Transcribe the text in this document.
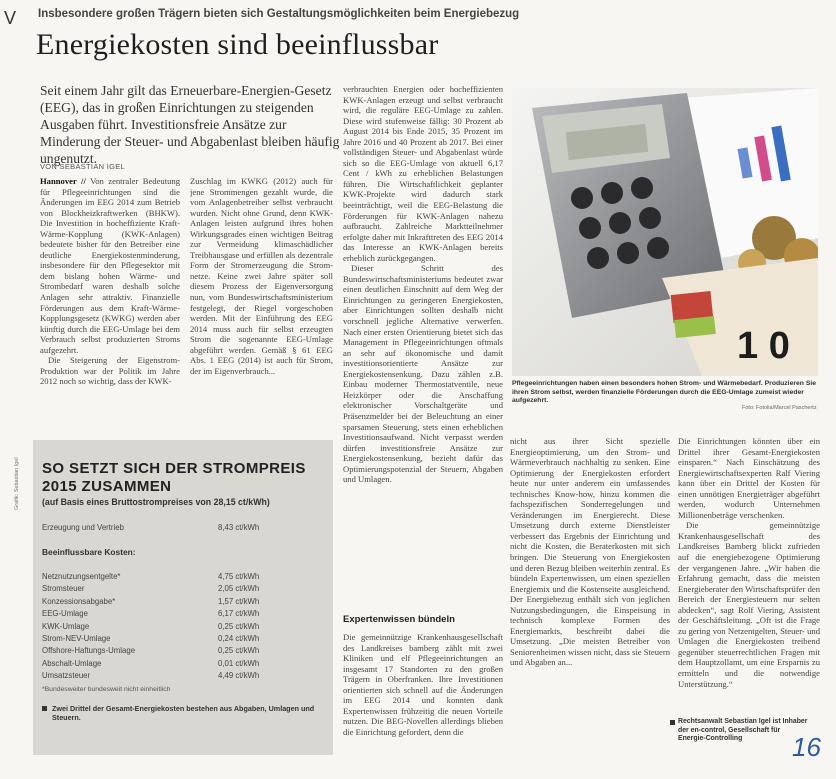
V Insbesondere großen Trägern bieten sich Gestaltungsmöglichkeiten beim Energiebezug
Energiekosten sind beeinflussbar
Seit einem Jahr gilt das Erneuerbare-Energien-Gesetz (EEG), das in großen Einrichtungen zu steigenden Ausgaben führt. Investitionsfreie Ansätze zur Minderung der Steuer- und Abgabenlast bleiben häufig ungenutzt.
VON SEBASTIAN IGEL

Hannover // Von zentraler Bedeutung für Pflegeeinrichtungen sind die Änderungen im EEG 2014 zum Betrieb von Blockheizkraftwerken (BHKW). Die Investition in hocheffiziente Kraft-Wärme-Kopplung (KWK-Anlagen) bedeutete bisher für den Betreiber eine deutliche Energiekostenminderung, insbesondere für den Pflegesektor mit dem bislang hohen Wärme- und Strombedarf waren deshalb solche Anlagen sehr attraktiv. Finanzielle Förderungen aus dem Kraft-Wärme-Kopplungsgesetz (KWKG) werden aber künftig durch die EEG-Umlage bei dem Verbrauch selbst produzierten Stroms aufgezehrt.

Die Steigerung der Eigenstrom-Produktion war der Politik im Jahre 2012 noch so wichtig, dass der KWK-

Zuschlag im KWKG (2012) auch für jene Strommengen gezahlt wurde, die vom Anlagenbetreiber selbst verbraucht wurden. Nicht ohne Grund, denn KWK-Anlagen leisten aufgrund ihres hohen Wirkungsgrades einen wichtigen Beitrag zur Vermeidung klimaschädlicher Treibhausgase und erfüllen als dezentrale Form der Stromerzeugung die Stromnetze. Keine zwei Jahre später soll diesem Prozess der Eigenversorgung nun, vom Bundeswirtschaftsministerium festgelegt, der Riegel vorgeschoben werden. Mit der Einführung des EEG 2014 muss auch für selbst erzeugten Strom die sogenannte EEG-Umlage abgeführt werden. Gemäß § 61 EEG Abs. 1 EEG (2014) ist auch für Strom, der im Eigenverbrauch...

verbrauchten Energien oder hocheffizienten KWK-Anlagen erzeugt und selbst verbraucht wird, die reguläre EEG-Umlage zu zahlen. Diese wird stufenweise fällig: 30 Prozent ab August 2014 bis Ende 2015, 35 Prozent im Jahre 2016 und 40 Prozent ab 2017. Bei einer vollständigen Steuer- und Abgabenlast würde sich so die EEG-Umlage von aktuell 6,17 Cent / kWh zu erheblichen Belastungen führen. Die Wirtschaftlichkeit geplanter KWK-Projekte wird dadurch stark beeinträchtigt, weil die EEG-Belastung die Förderungen für KWK-Anlagen nahezu aufbraucht. Zahlreiche Marktteilnehmer erfolgte daher mit Inkrafttreten des EEG 2014 das Interesse an KWK-Anlagen bereits erheblich zurückgegangen.

Dieser Schritt des Bundeswirtschaftsministeriums bedeutet zwar einen deutlichen Einschnitt auf dem Weg der Einrichtungen zu geringeren Energiekosten, aber Einrichtungen sollten deshalb nicht vorschnell jegliche Alternative verwerfen. Nach einer ersten Orientierung bietet sich das Management in Pflegeeinrichtungen oftmals an sehr auf ökonomische und damit investitionsorientierte Ansätze zur Energiekostensenkung. Dazu zählen z.B. Einbau moderner Thermostatventile, neue Heizkörper oder die Anschaffung elektronischer Vorschaltgeräte und Präsenzmelder bei der Beleuchtung an einer sparsamen Steuerung, stets einen erheblichen Investitionsaufwand. Nicht verpasst werden dürfen investitionsfreie Ansätze zur Energiekostensenkung, bezieht dafür das Optimierungspotenzial der Steuern, Abgaben und Umlagen.

Expertenwissen bündeln

Die gemeinnützige Krankenhausgesellschaft des Landkreises bamberg zählt mit zwei Kliniken und elf Pflegeeinrichtungen an insgesamt 17 Standorten zu den großen Trägern in Oberfranken. Ihre Investitionen orientierten sich schnell auf die Änderungen im EEG 2014 und konnten dank Expertenwissen frühzeitig die neuen Vorteile nutzen. Die BEG-Novellen allerdings blieben die Einrichtung gefordert, denn die

1 0
Pflegeeinrichtungen haben einen besonders hohen Strom- und Wärmebedarf. Produzieren Sie ihren Strom selbst, werden finanzielle Förderungen durch die EEG-Umlage zumeist wieder aufgezehrt.
Foto: Fotolia/Marcel Paschertz

nicht aus ihrer Sicht spezielle Energieoptimierung, um den Strom- und Wärmeverbrauch nachhaltig zu senken. Eine Optimierung der Energiekosten erfordert heute nur unter anderem ein umfassendes technisches Know-how, hinzu kommen die fachspezifischen Sonderregelungen und Veränderungen im Energierecht. Diese Umsetzung durch externe Dienstleister verbessert das Ergebnis der Einrichtung und nicht die Kosten, die Beraterkosten mit sich bringen. Die Steuerung von Energiekosten und deren Bezug bleiben weiterhin zentral. Es bündeln Expertenwissen, um einen speziellen Energiemix und die Kostenseite ausgleichend. Der Energiebezug enthält sich von jeglichen Nutzungsbedingungen, die Einspeisung in technisch komplexe Formen des Energiemarkts, beschreibt dabei die Umsetzung. „Die meisten Betreiber von Seniorenheimen wissen nicht, dass sie Steuern und Abgaben an...

Die Einrichtungen könnten über ein Drittel ihrer Gesamt-Energiekosten einsparen.“ Nach Einschätzung des Energiewirtschaftsexperten Ralf Viering kann über ein Drittel der Kosten für einen unnötigen Energieträger abgeführt werden, wodurch Unternehmen Millionenbeträge verschenken.

Die gemeinnützige Krankenhausgesellschaft des Landkreises Bamberg blickt zufrieden auf die energiebezogene Optimierung der vergangenen Jahre. „Wir haben die Erfahrung gemacht, dass die meisten Energieberater den Wirtschaftsprüfer den Bereich der Energiesteuern nur selten abdecken“, sagt Rolf Viering, Assistent der Geschäftsleitung. „Oft ist die Frage zu gering von Netzentgelten, Steuer- und Umlagen die Energiekosten treibend gegenüber steuerrechtlichen Fragen mit dem Hauptzollamt, um eine Ersparnis zu ermitteln und die notwendige Unterstützung.“

Rechtsanwalt Sebastian Igel ist Inhaber der en-control, Gesellschaft für Energie-Controlling
Grafik: Sebastian Igel SO SETZT SICH DER STROMPREIS 2015 ZUSAMMEN
(auf Basis eines Bruttostrompreises von 28,15 ct/kWh)
Erzeugung und Vertrieb	8,43 ct/kWh
Beeinflussbare Kosten:
Netznutzungsentgelte*	4,75 ct/kWh
Stromsteuer	2,05 ct/kWh
Konzessionsabgabe*	1,57 ct/kWh
EEG-Umlage	6,17 ct/kWh
KWK-Umlage	0,25 ct/kWh
Strom-NEV-Umlage	0,24 ct/kWh
Offshore-Haftungs-Umlage	0,25 ct/kWh
Abschalt-Umlage	0,01 ct/kWh
Umsatzsteuer	4,49 ct/kWh
*Bundesweiter bundesweit nicht einheitlich
Zwei Drittel der Gesamt-Energiekosten bestehen aus Abgaben, Umlagen und Steuern.
16
